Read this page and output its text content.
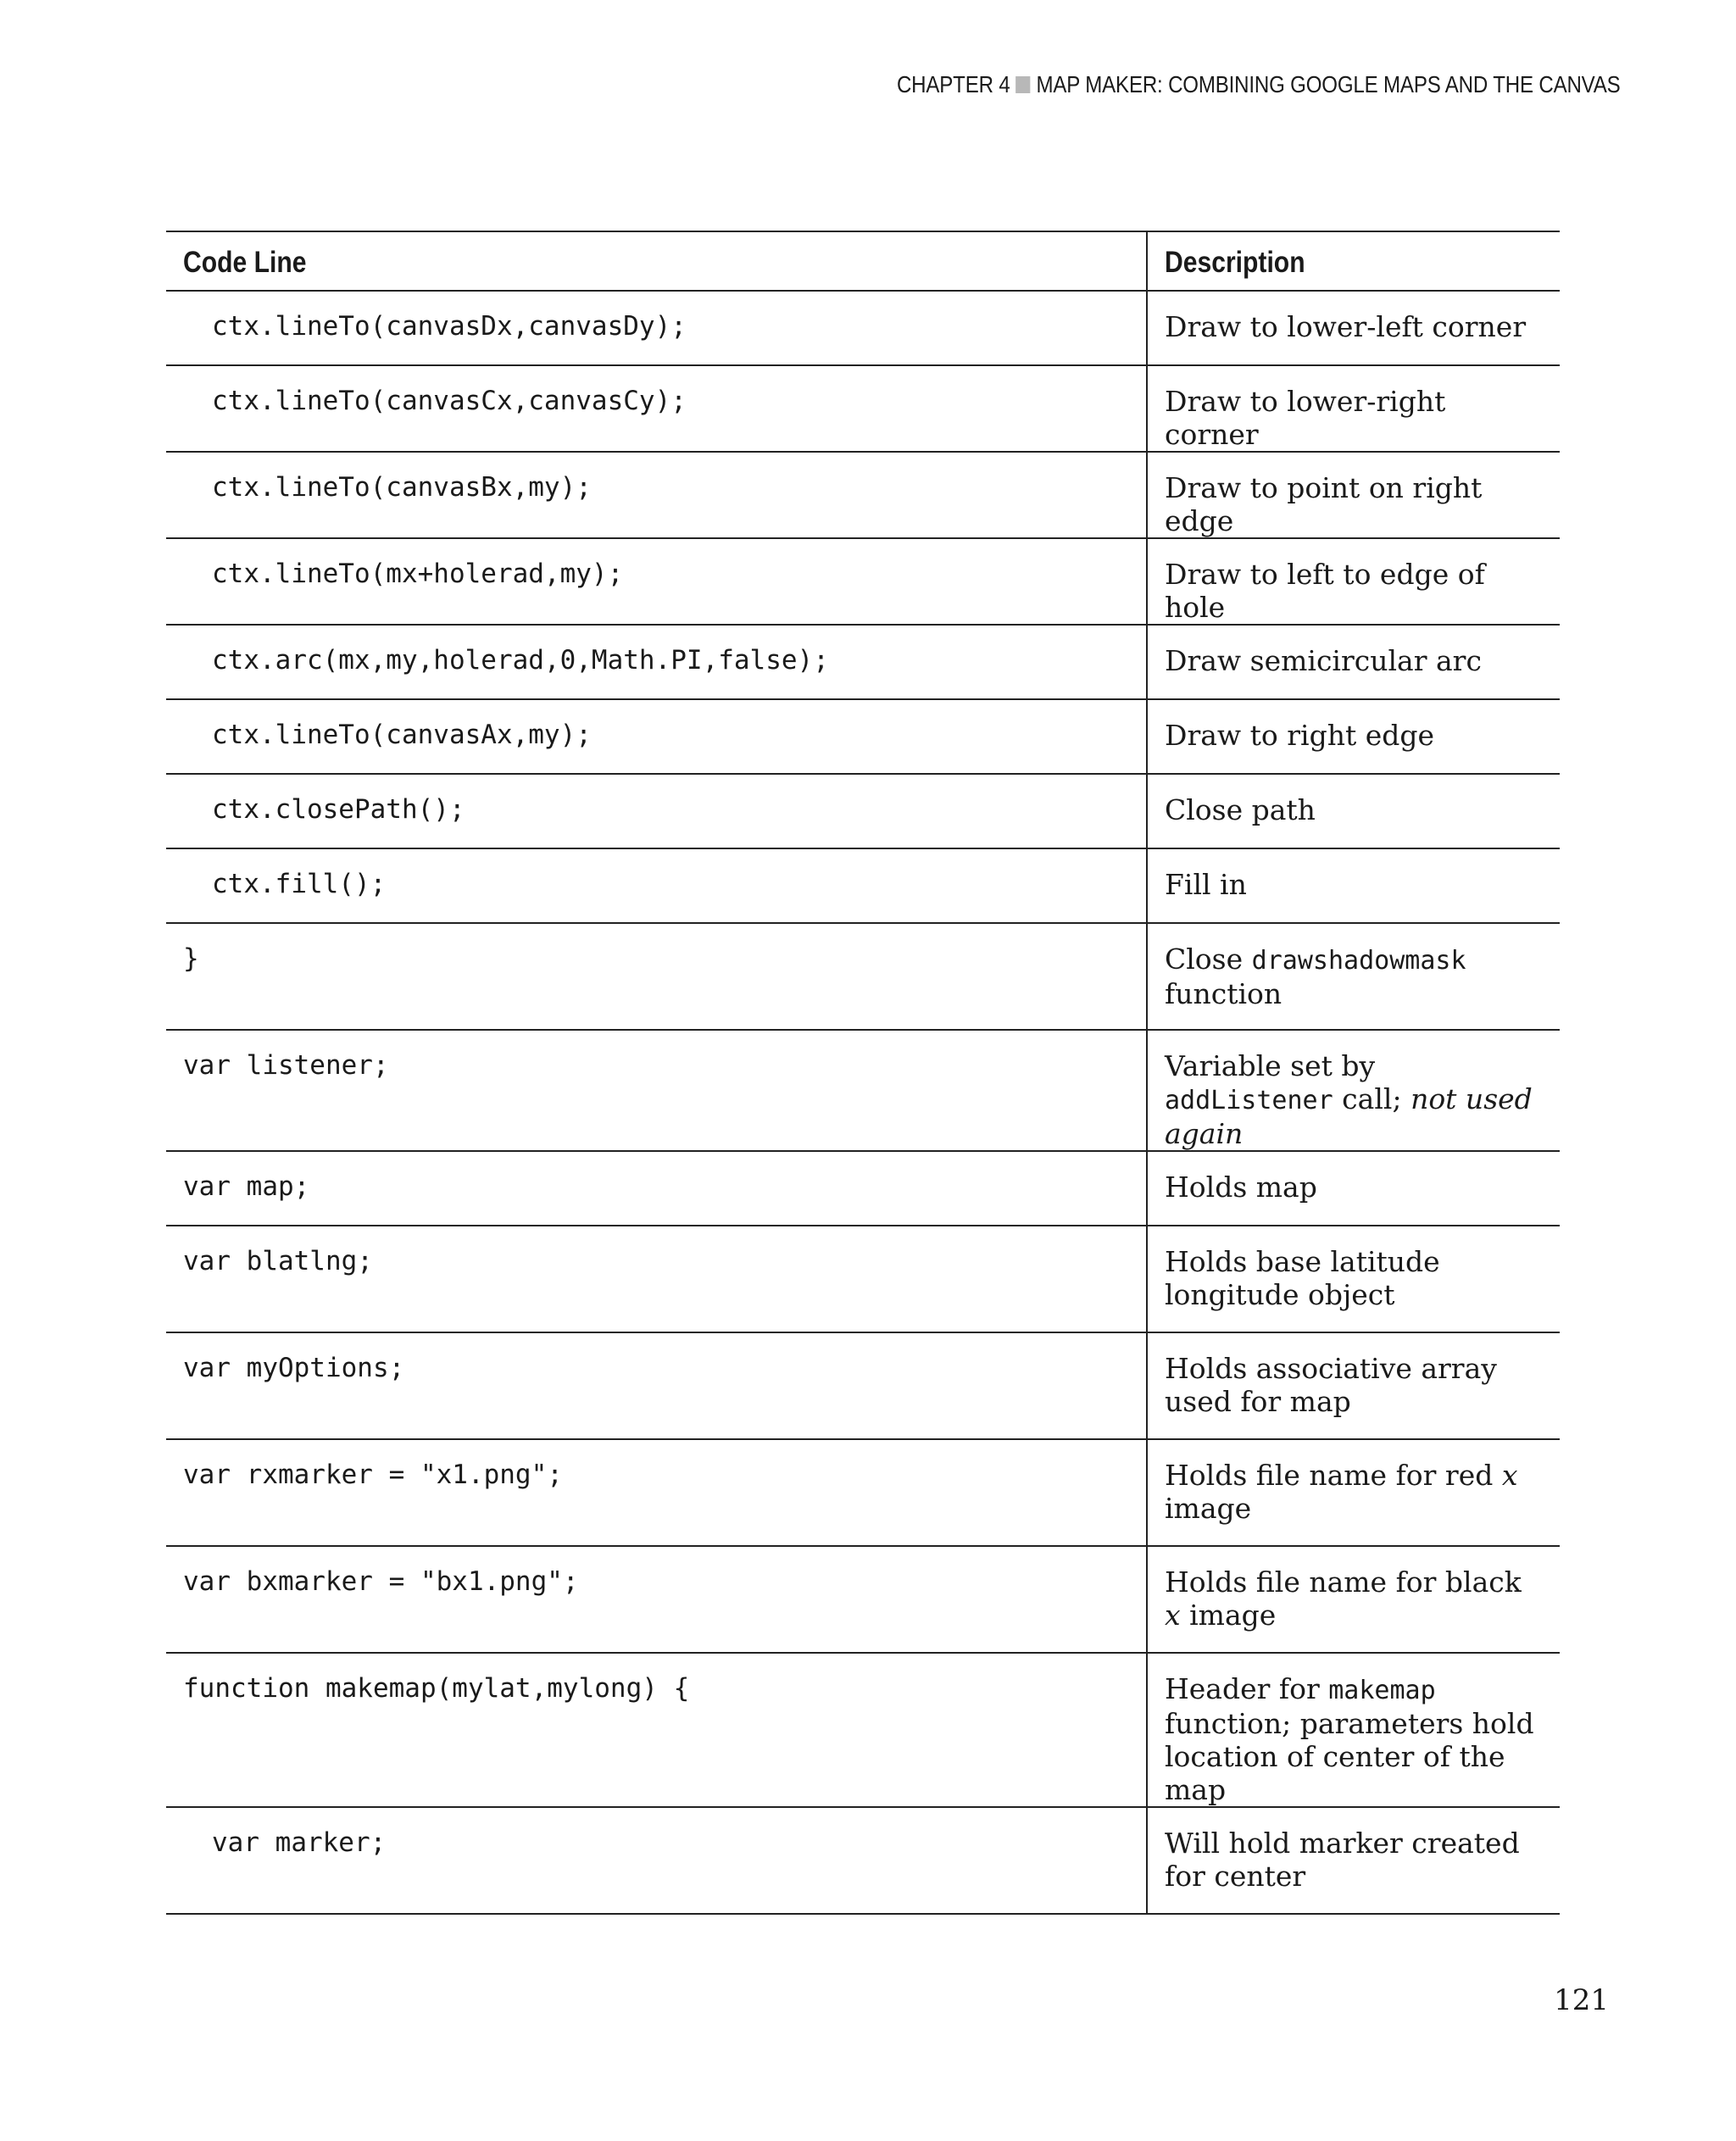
CHAPTER 4 MAP MAKER: COMBINING GOOGLE MAPS AND THE CANVAS
Code Line	Description
ctx.lineTo(canvasDx,canvasDy);	Draw to lower-left corner
ctx.lineTo(canvasCx,canvasCy);	Draw to lower-right corner
ctx.lineTo(canvasBx,my);	Draw to point on right edge
ctx.lineTo(mx+holerad,my);	Draw to left to edge of hole
ctx.arc(mx,my,holerad,0,Math.PI,false);	Draw semicircular arc
ctx.lineTo(canvasAx,my);	Draw to right edge
ctx.closePath();	Close path
ctx.fill();	Fill in
}	Close drawshadowmask function
var listener;	Variable set by addListener call; not used again
var map;	Holds map
var blatlng;	Holds base latitude longitude object
var myOptions;	Holds associative array used for map
var rxmarker = "x1.png";	Holds file name for red x image
var bxmarker = "bx1.png";	Holds file name for black x image
function makemap(mylat,mylong) {	Header for makemap function; parameters hold location of center of the map
var marker;	Will hold marker created for center
121
